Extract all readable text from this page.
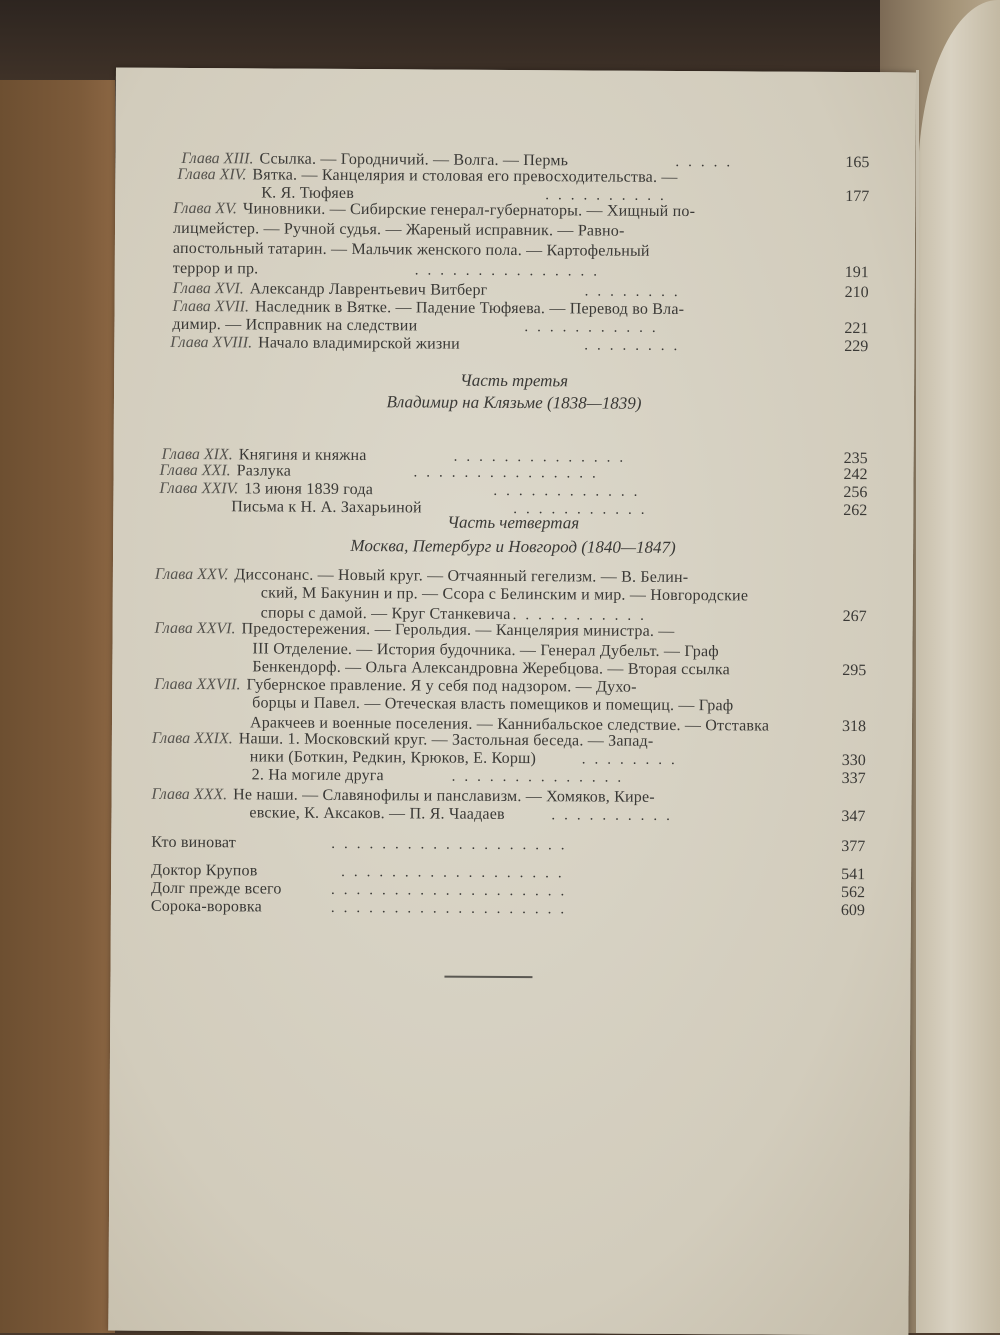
Часть третья
Владимир на Клязьме (1838—1839)
Часть четвертая
Москва, Петербург и Новгород (1840—1847)
Глава XIII. Ссылка. — Городничий. — Волга. — Пермь	.....	165
Глава XIV. Вятка. — Канцелярия и столовая его превосходительства. —
К. Я. Тюфяев	..........	177
Глава XV. Чиновники. — Сибирские генерал-губернаторы. — Хищный по-
лицмейстер. — Ручной судья. — Жареный исправник. — Равно-
апостольный татарин. — Мальчик женского пола. — Картофельный
террор и пр.	...............	191
Глава XVI. Александр Лаврентьевич Витберг	........	210
Глава XVII. Наследник в Вятке. — Падение Тюфяева. — Перевод во Вла-
димир. — Исправник на следствии	...........	221
Глава XVIII. Начало владимирской жизни	........	229
Глава XIX. Княгиня и княжна	..............	235
Глава XXI. Разлука	...............	242
Глава XXIV. 13 июня 1839 года	............	256
Письма к Н. А. Захарьиной	...........	262
Глава XXV. Диссонанс. — Новый круг. — Отчаянный гегелизм. — В. Белин-
ский, М Бакунин и пр. — Ссора с Белинским и мир. — Новгородские
споры с дамой. — Круг Станкевича ...........	267
Глава XXVI. Предостережения. — Герольдия. — Канцелярия министра. —
III Отделение. — История будочника. — Генерал Дубельт. — Граф
Бенкендорф. — Ольга Александровна Жеребцова. — Вторая ссылка	295
Глава XXVII. Губернское правление. Я у себя под надзором. — Духо-
борцы и Павел. — Отеческая власть помещиков и помещиц. — Граф
Аракчеев и военные поселения. — Каннибальское следствие. — Отставка	318
Глава XXIX. Наши. 1. Московский круг. — Застольная беседа. — Запад-
ники (Боткин, Редкин, Крюков, Е. Корш)	........	330
2. На могиле друга	..............	337
Глава XXX. Не наши. — Славянофилы и панславизм. — Хомяков, Кире-
евские, К. Аксаков. — П. Я. Чаадаев	..........	347
Кто виноват	...................	377
Доктор Крупов	..................	541
Долг прежде всего	...................	562
Сорока-воровка	...................	609
